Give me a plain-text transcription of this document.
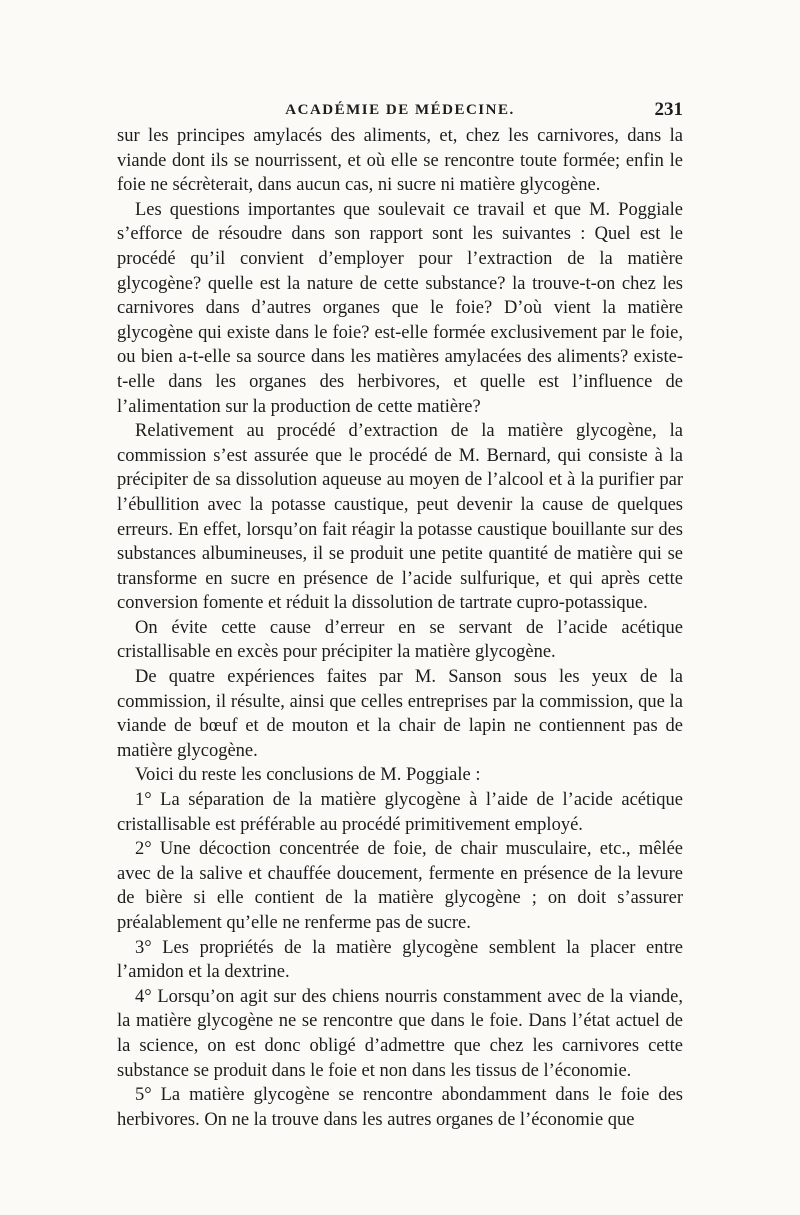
ACADÉMIE DE MÉDECINE.	231

sur les principes amylacés des aliments, et, chez les carnivores, dans la viande dont ils se nourrissent, et où elle se rencontre toute formée; enfin le foie ne sécrèterait, dans aucun cas, ni sucre ni matière glycogène.

Les questions importantes que soulevait ce travail et que M. Poggiale s’efforce de résoudre dans son rapport sont les suivantes : Quel est le procédé qu’il convient d’employer pour l’extraction de la matière glycogène? quelle est la nature de cette substance? la trouve-t-on chez les carnivores dans d’autres organes que le foie? D’où vient la matière glycogène qui existe dans le foie? est-elle formée exclusivement par le foie, ou bien a-t-elle sa source dans les matières amylacées des aliments? existe-t-elle dans les organes des herbivores, et quelle est l’influence de l’alimentation sur la production de cette matière?

Relativement au procédé d’extraction de la matière glycogène, la commission s’est assurée que le procédé de M. Bernard, qui consiste à la précipiter de sa dissolution aqueuse au moyen de l’alcool et à la purifier par l’ébullition avec la potasse caustique, peut devenir la cause de quelques erreurs. En effet, lorsqu’on fait réagir la potasse caustique bouillante sur des substances albumineuses, il se produit une petite quantité de matière qui se transforme en sucre en présence de l’acide sulfurique, et qui après cette conversion fomente et réduit la dissolution de tartrate cupro-potassique.

On évite cette cause d’erreur en se servant de l’acide acétique cristallisable en excès pour précipiter la matière glycogène.

De quatre expériences faites par M. Sanson sous les yeux de la commission, il résulte, ainsi que celles entreprises par la commission, que la viande de bœuf et de mouton et la chair de lapin ne contiennent pas de matière glycogène.

Voici du reste les conclusions de M. Poggiale :

1° La séparation de la matière glycogène à l’aide de l’acide acétique cristallisable est préférable au procédé primitivement employé.

2° Une décoction concentrée de foie, de chair musculaire, etc., mêlée avec de la salive et chauffée doucement, fermente en présence de la levure de bière si elle contient de la matière glycogène ; on doit s’assurer préalablement qu’elle ne renferme pas de sucre.

3° Les propriétés de la matière glycogène semblent la placer entre l’amidon et la dextrine.

4° Lorsqu’on agit sur des chiens nourris constamment avec de la viande, la matière glycogène ne se rencontre que dans le foie. Dans l’état actuel de la science, on est donc obligé d’admettre que chez les carnivores cette substance se produit dans le foie et non dans les tissus de l’économie.

5° La matière glycogène se rencontre abondamment dans le foie des herbivores. On ne la trouve dans les autres organes de l’économie que
